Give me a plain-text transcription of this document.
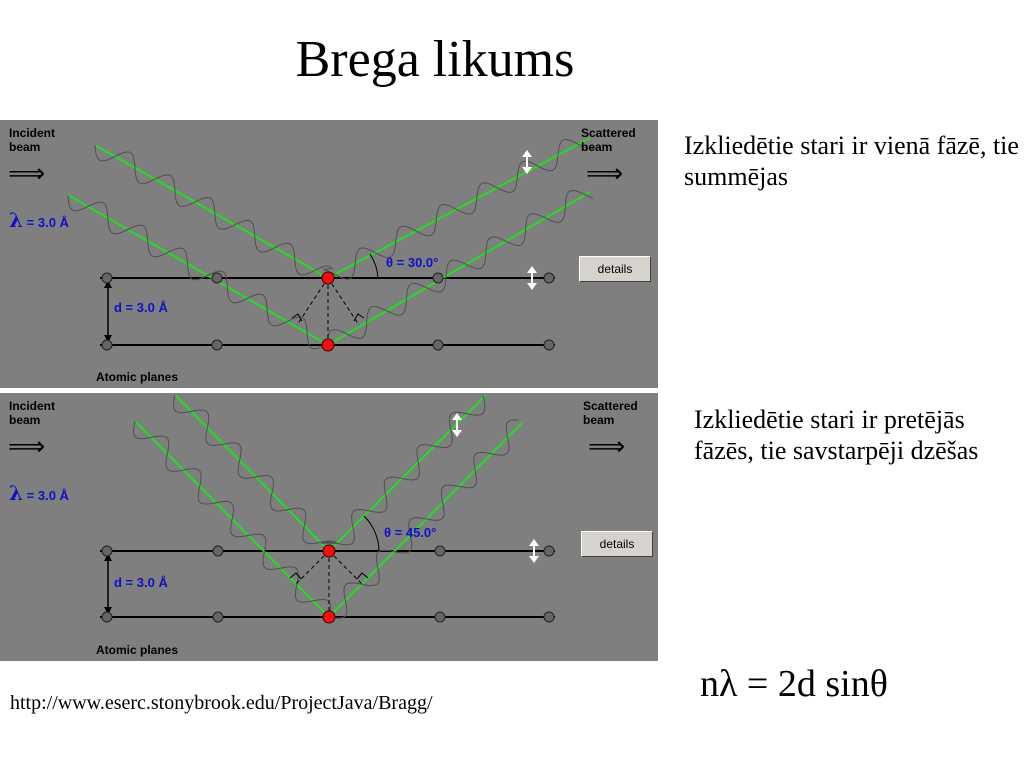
Brega likums
Incident
beam
⟹
Scattered
beam
⟹
λ = 3.0 Å
d = 3.0 Å
θ = 30.0°
Atomic planes
details
Incident
beam
⟹
Scattered
beam
⟹
λ = 3.0 Å
d = 3.0 Å
θ = 45.0°
Atomic planes
details
Izkliedētie stari ir vienā fāzē, tie summējas
Izkliedētie stari ir pretējās fāzēs, tie savstarpēji dzēšas
nλ = 2d sinθ
http://www.eserc.stonybrook.edu/ProjectJava/Bragg/
